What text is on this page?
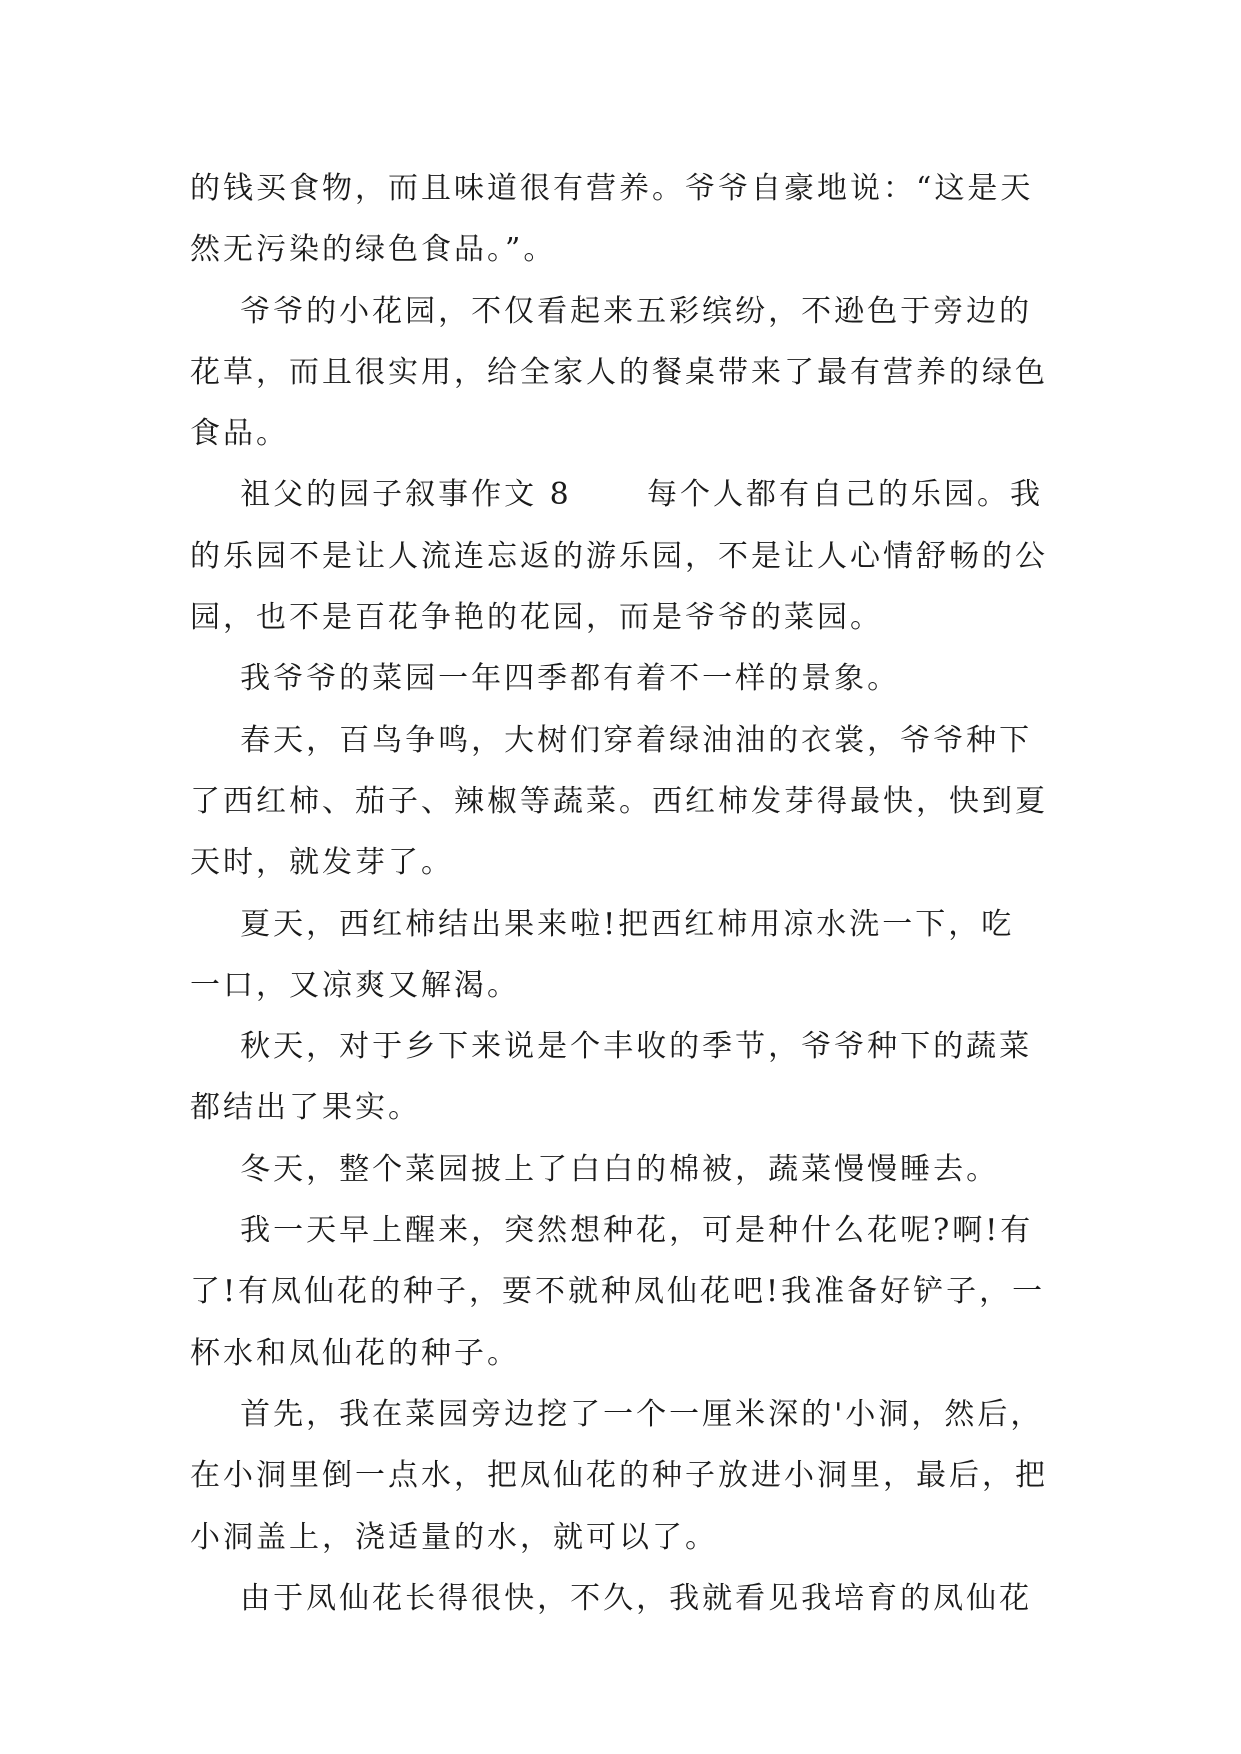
的钱买食物，而且味道很有营养。爷爷自豪地说：“这是天
然无污染的绿色食品。”。
爷爷的小花园，不仅看起来五彩缤纷，不逊色于旁边的
花草，而且很实用，给全家人的餐桌带来了最有营养的绿色
食品。
祖父的园子叙事作文 8      每个人都有自己的乐园。我
的乐园不是让人流连忘返的游乐园，不是让人心情舒畅的公
园，也不是百花争艳的花园，而是爷爷的菜园。
我爷爷的菜园一年四季都有着不一样的景象。
春天，百鸟争鸣，大树们穿着绿油油的衣裳，爷爷种下
了西红柿、茄子、辣椒等蔬菜。西红柿发芽得最快，快到夏
天时，就发芽了。
夏天，西红柿结出果来啦!把西红柿用凉水洗一下，吃
一口，又凉爽又解渴。
秋天，对于乡下来说是个丰收的季节，爷爷种下的蔬菜
都结出了果实。
冬天，整个菜园披上了白白的棉被，蔬菜慢慢睡去。
我一天早上醒来，突然想种花，可是种什么花呢?啊!有
了!有凤仙花的种子，要不就种凤仙花吧!我准备好铲子，一
杯水和凤仙花的种子。
首先，我在菜园旁边挖了一个一厘米深的'小洞，然后，
在小洞里倒一点水，把凤仙花的种子放进小洞里，最后，把
小洞盖上，浇适量的水，就可以了。
由于凤仙花长得很快，不久，我就看见我培育的凤仙花
